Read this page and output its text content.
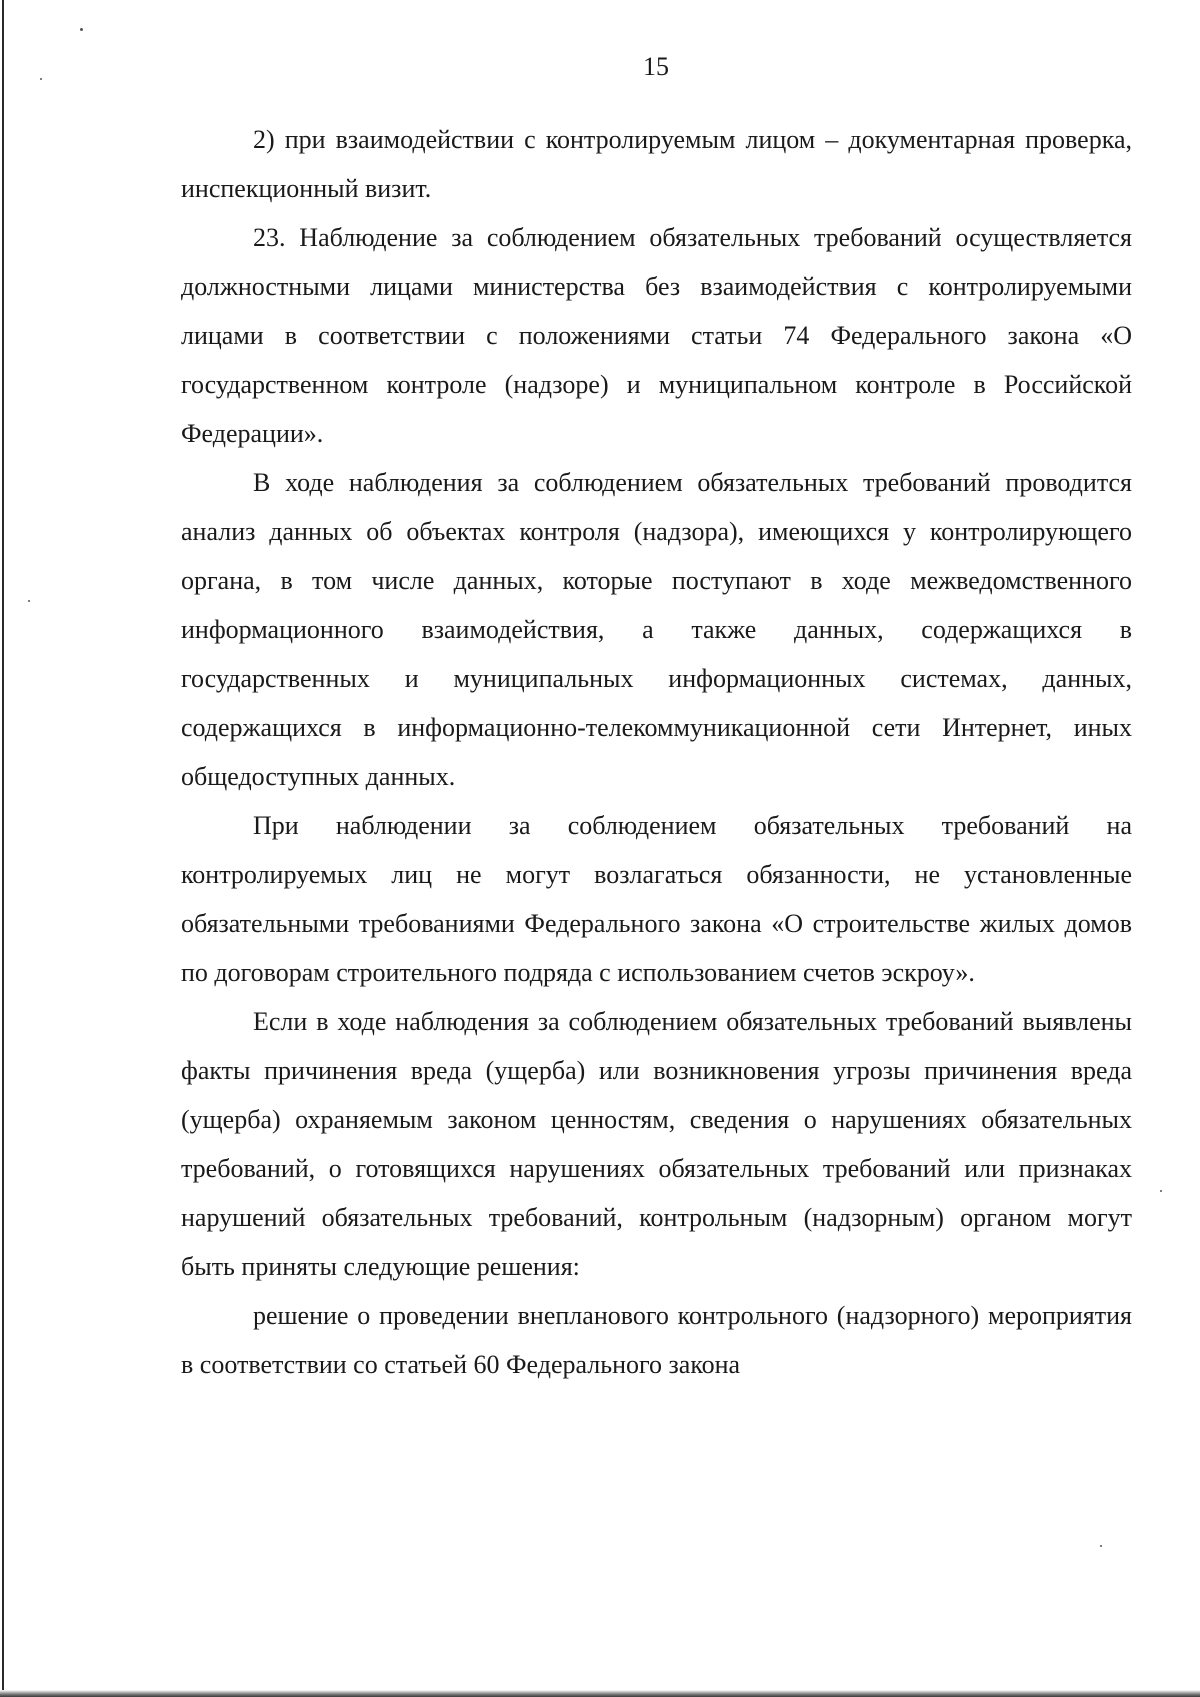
15

2) при взаимодействии с контролируемым лицом – документарная проверка, инспекционный визит.

23. Наблюдение за соблюдением обязательных требований осуществляется должностными лицами министерства без взаимодействия с контролируемыми лицами в соответствии с положениями статьи 74 Федерального закона «О государственном контроле (надзоре) и муниципальном контроле в Российской Федерации».

В ходе наблюдения за соблюдением обязательных требований проводится анализ данных об объектах контроля (надзора), имеющихся у контролирующего органа, в том числе данных, которые поступают в ходе межведомственного информационного взаимодействия, а также данных, содержащихся в государственных и муниципальных информационных системах, данных, содержащихся в информационно-телекоммуникационной сети Интернет, иных общедоступных данных.

При наблюдении за соблюдением обязательных требований на контролируемых лиц не могут возлагаться обязанности, не установленные обязательными требованиями Федерального закона «О строительстве жилых домов по договорам строительного подряда с использованием счетов эскроу».

Если в ходе наблюдения за соблюдением обязательных требований выявлены факты причинения вреда (ущерба) или возникновения угрозы причинения вреда (ущерба) охраняемым законом ценностям, сведения о нарушениях обязательных требований, о готовящихся нарушениях обязательных требований или признаках нарушений обязательных требований, контрольным (надзорным) органом могут быть приняты следующие решения:

решение о проведении внепланового контрольного (надзорного) мероприятия в соответствии со статьей 60 Федерального закона
